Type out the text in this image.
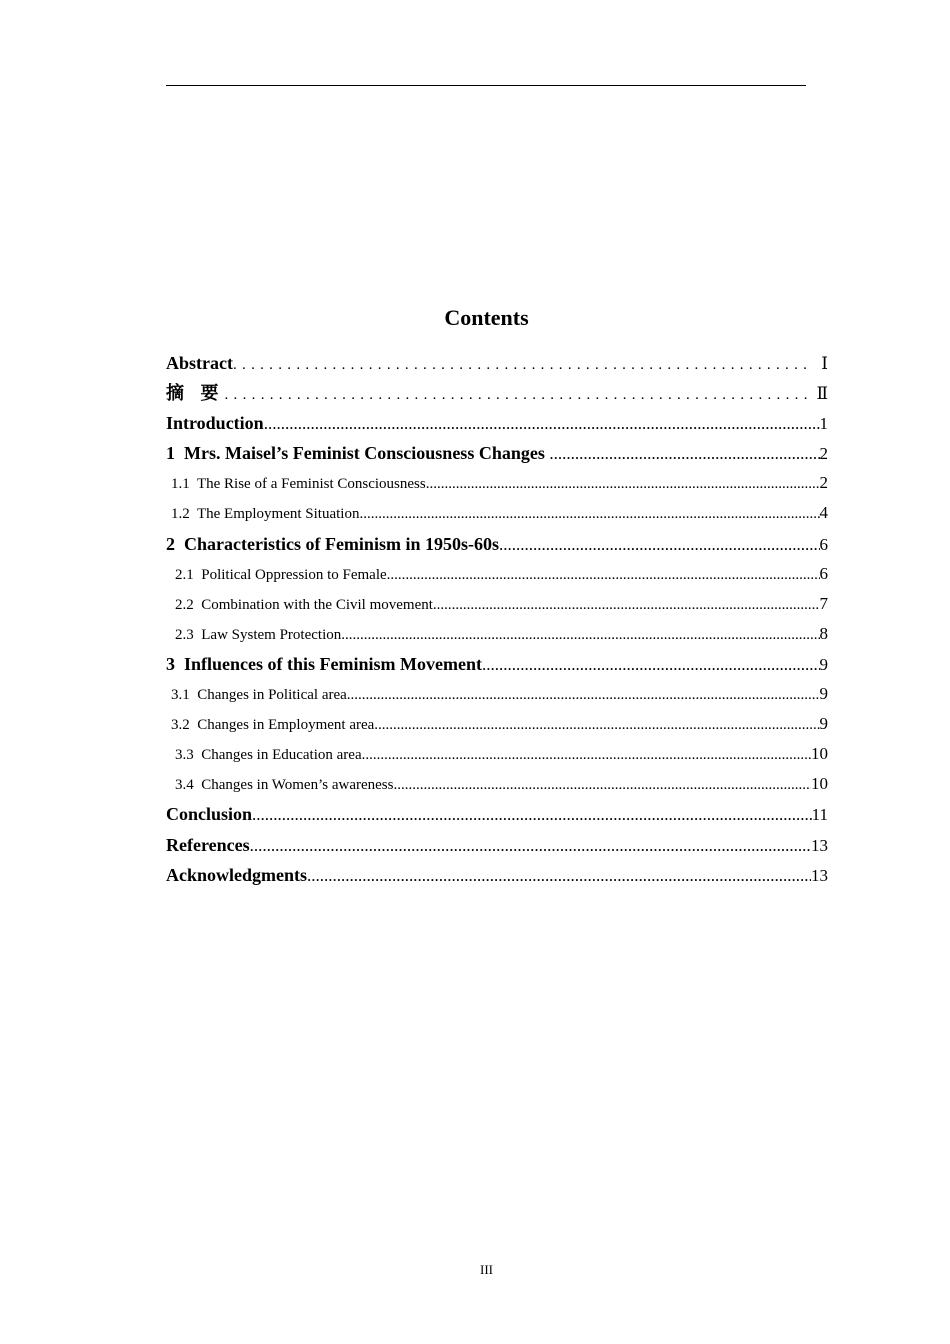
Contents
Abstract .....	Ⅰ
摘 要 .....	Ⅱ
Introduction .....	1
1  Mrs. Maisel’s Feminist Consciousness Changes .....	2
1.1  The Rise of a Feminist Consciousness .....	2
1.2  The Employment Situation .....	4
2  Characteristics of Feminism in 1950s-60s .....	6
2.1  Political Oppression to Female .....	6
2.2  Combination with the Civil movement .....	7
2.3  Law System Protection .....	8
3  Influences of this Feminism Movement .....	9
3.1  Changes in Political area .....	9
3.2  Changes in Employment area .....	9
3.3  Changes in Education area .....	10
3.4  Changes in Women’s awareness .....	10
Conclusion .....	11
References .....	13
Acknowledgments .....	13
III
